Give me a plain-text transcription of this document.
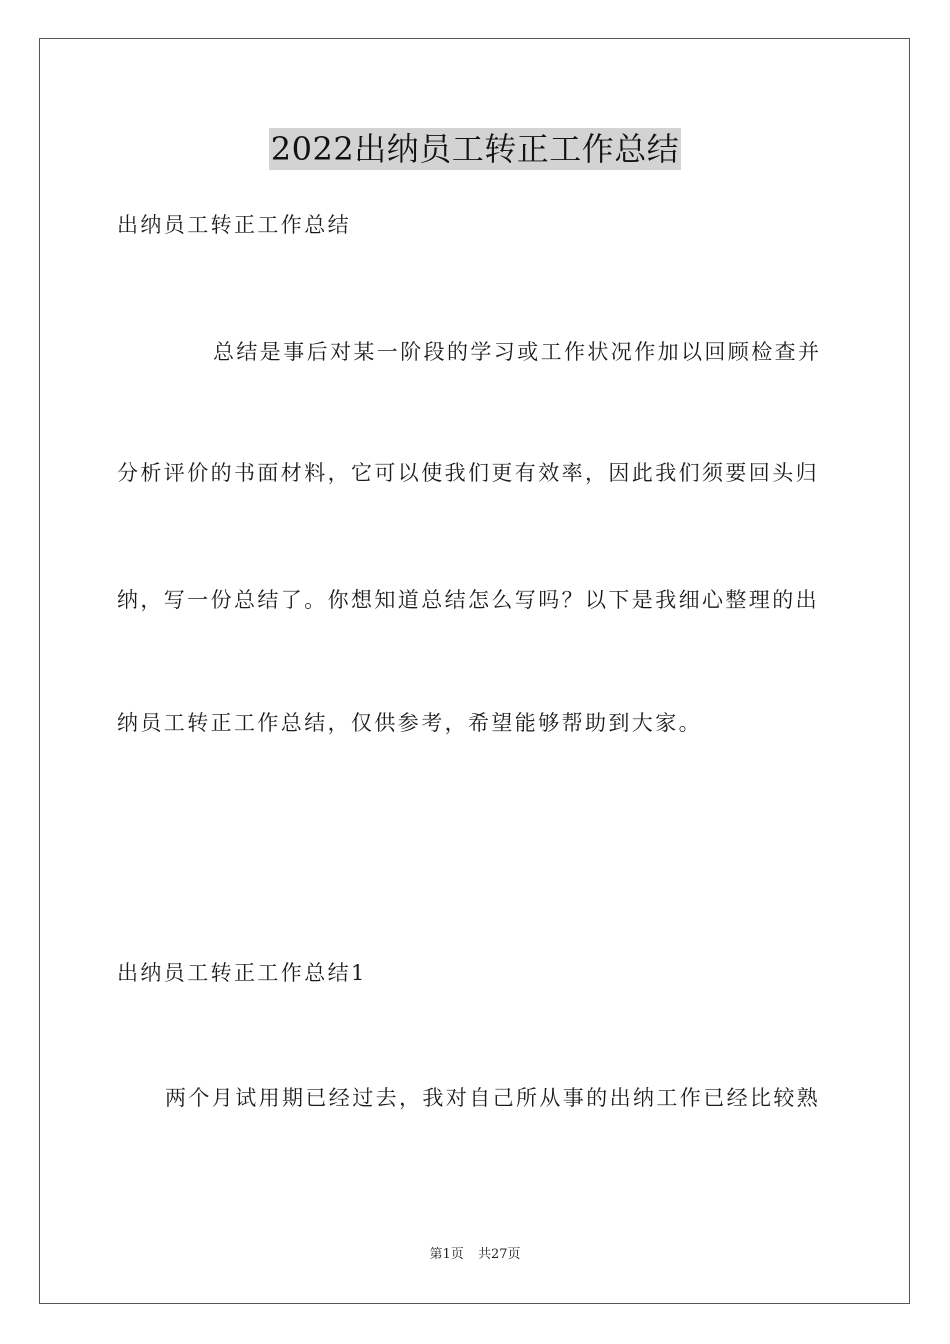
2022出纳员工转正工作总结
出纳员工转正工作总结
总结是事后对某一阶段的学习或工作状况作加以回顾检查并
分析评价的书面材料，它可以使我们更有效率，因此我们须要回头归
纳，写一份总结了。你想知道总结怎么写吗？以下是我细心整理的出
纳员工转正工作总结，仅供参考，希望能够帮助到大家。
出纳员工转正工作总结1
两个月试用期已经过去，我对自己所从事的出纳工作已经比较熟
第1页 共27页
